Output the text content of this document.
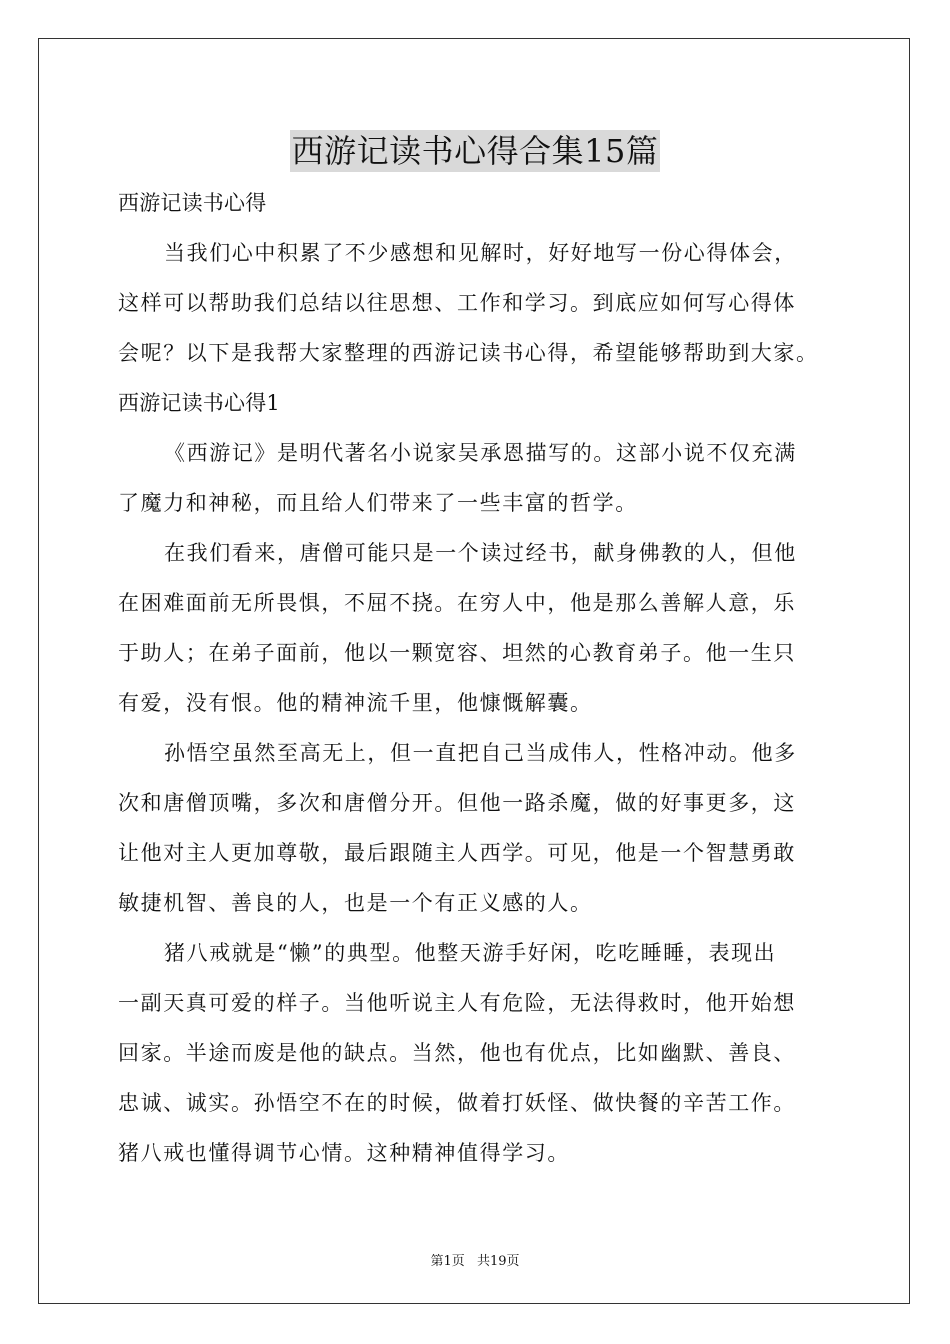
西游记读书心得合集15篇
西游记读书心得
当我们心中积累了不少感想和见解时，好好地写一份心得体会，
这样可以帮助我们总结以往思想、工作和学习。到底应如何写心得体
会呢？以下是我帮大家整理的西游记读书心得，希望能够帮助到大家。
西游记读书心得1
《西游记》是明代著名小说家吴承恩描写的。这部小说不仅充满
了魔力和神秘，而且给人们带来了一些丰富的哲学。
在我们看来，唐僧可能只是一个读过经书，献身佛教的人，但他
在困难面前无所畏惧，不屈不挠。在穷人中，他是那么善解人意，乐
于助人；在弟子面前，他以一颗宽容、坦然的心教育弟子。他一生只
有爱，没有恨。他的精神流千里，他慷慨解囊。
孙悟空虽然至高无上，但一直把自己当成伟人，性格冲动。他多
次和唐僧顶嘴，多次和唐僧分开。但他一路杀魔，做的好事更多，这
让他对主人更加尊敬，最后跟随主人西学。可见，他是一个智慧勇敢
敏捷机智、善良的人，也是一个有正义感的人。
猪八戒就是“懒”的典型。他整天游手好闲，吃吃睡睡，表现出
一副天真可爱的样子。当他听说主人有危险，无法得救时，他开始想
回家。半途而废是他的缺点。当然，他也有优点，比如幽默、善良、
忠诚、诚实。孙悟空不在的时候，做着打妖怪、做快餐的辛苦工作。
猪八戒也懂得调节心情。这种精神值得学习。
第1页 共19页
